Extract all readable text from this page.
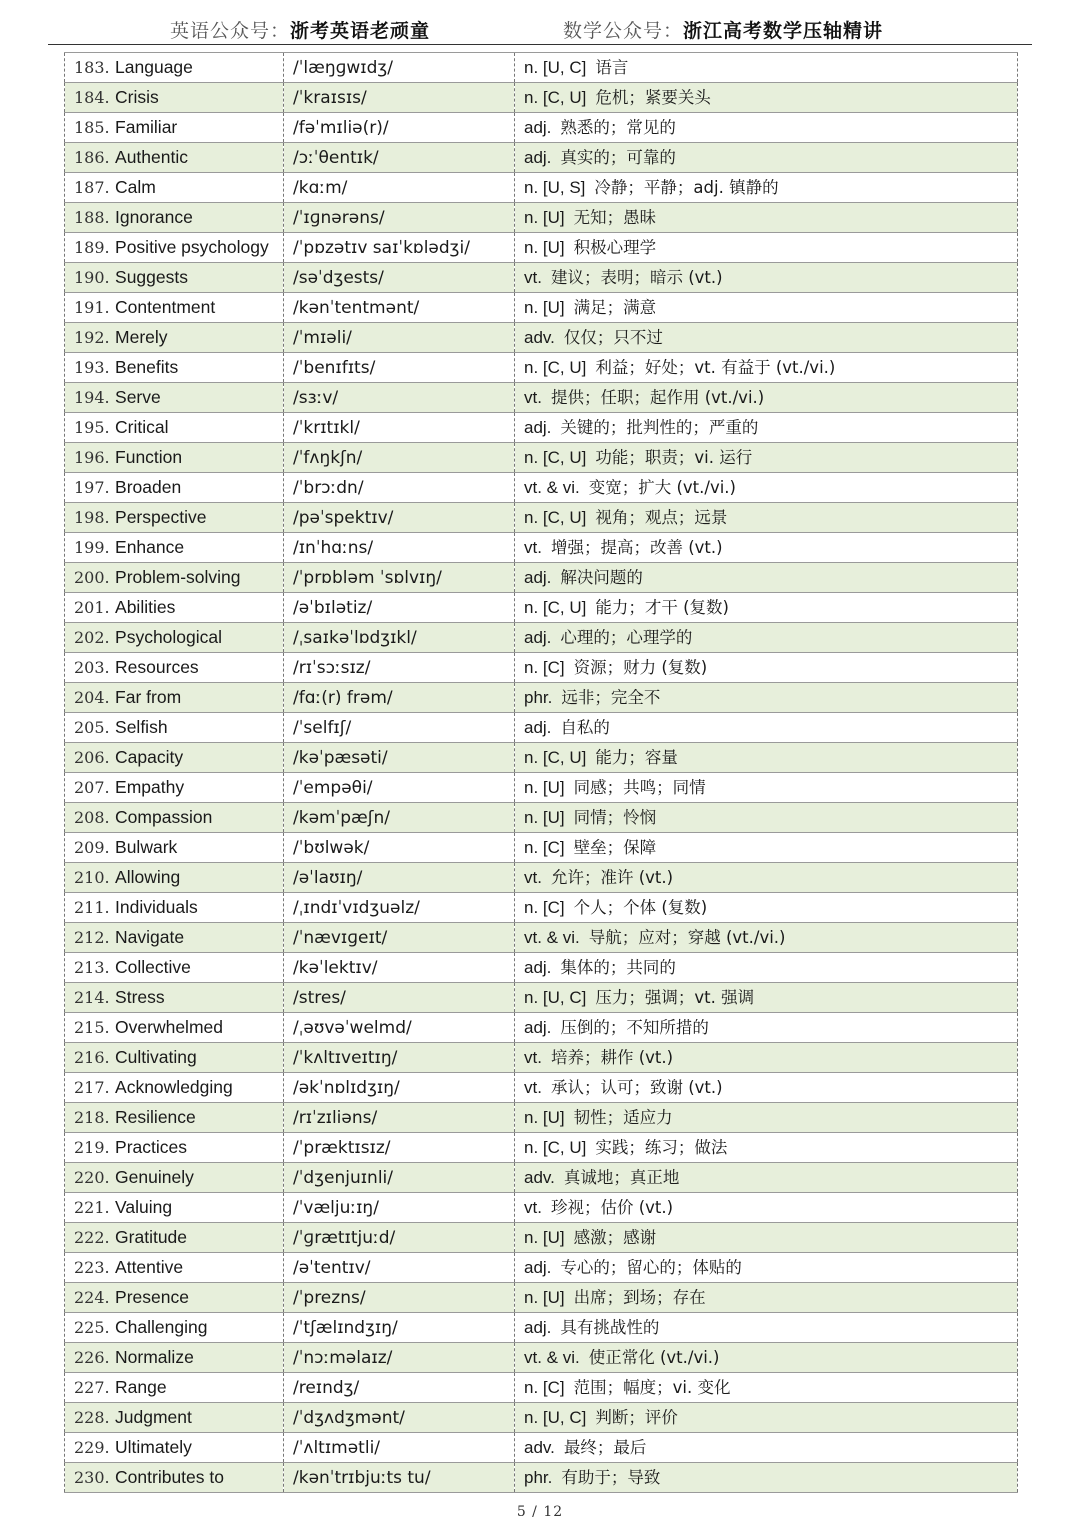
英语公众号：浙考英语老顽童	数学公众号：浙江高考数学压轴精讲
183. Language	/ˈlæŋɡwɪdʒ/	n. [U, C] 语言
184. Crisis	/ˈkraɪsɪs/	n. [C, U] 危机；紧要关头
185. Familiar	/fəˈmɪliə(r)/	adj. 熟悉的；常见的
186. Authentic	/ɔːˈθentɪk/	adj. 真实的；可靠的
187. Calm	/kɑːm/	n. [U, S] 冷静；平静；adj. 镇静的
188. Ignorance	/ˈɪɡnərəns/	n. [U] 无知；愚昧
189. Positive psychology	/ˈpɒzətɪv saɪˈkɒlədʒi/	n. [U] 积极心理学
190. Suggests	/səˈdʒests/	vt. 建议；表明；暗示 (vt.)
191. Contentment	/kənˈtentmənt/	n. [U] 满足；满意
192. Merely	/ˈmɪəli/	adv. 仅仅；只不过
193. Benefits	/ˈbenɪfɪts/	n. [C, U] 利益；好处；vt. 有益于 (vt./vi.)
194. Serve	/sɜːv/	vt. 提供；任职；起作用 (vt./vi.)
195. Critical	/ˈkrɪtɪkl/	adj. 关键的；批判性的；严重的
196. Function	/ˈfʌŋkʃn/	n. [C, U] 功能；职责；vi. 运行
197. Broaden	/ˈbrɔːdn/	vt. & vi. 变宽；扩大 (vt./vi.)
198. Perspective	/pəˈspektɪv/	n. [C, U] 视角；观点；远景
199. Enhance	/ɪnˈhɑːns/	vt. 增强；提高；改善 (vt.)
200. Problem-solving	/ˈprɒbləm ˈsɒlvɪŋ/	adj. 解决问题的
201. Abilities	/əˈbɪlətiz/	n. [C, U] 能力；才干 (复数)
202. Psychological	/ˌsaɪkəˈlɒdʒɪkl/	adj. 心理的；心理学的
203. Resources	/rɪˈsɔːsɪz/	n. [C] 资源；财力 (复数)
204. Far from	/fɑː(r) frəm/	phr. 远非；完全不
205. Selfish	/ˈselfɪʃ/	adj. 自私的
206. Capacity	/kəˈpæsəti/	n. [C, U] 能力；容量
207. Empathy	/ˈempəθi/	n. [U] 同感；共鸣；同情
208. Compassion	/kəmˈpæʃn/	n. [U] 同情；怜悯
209. Bulwark	/ˈbʊlwək/	n. [C] 壁垒；保障
210. Allowing	/əˈlaʊɪŋ/	vt. 允许；准许 (vt.)
211. Individuals	/ˌɪndɪˈvɪdʒuəlz/	n. [C] 个人；个体 (复数)
212. Navigate	/ˈnævɪɡeɪt/	vt. & vi. 导航；应对；穿越 (vt./vi.)
213. Collective	/kəˈlektɪv/	adj. 集体的；共同的
214. Stress	/stres/	n. [U, C] 压力；强调；vt. 强调
215. Overwhelmed	/ˌəʊvəˈwelmd/	adj. 压倒的；不知所措的
216. Cultivating	/ˈkʌltɪveɪtɪŋ/	vt. 培养；耕作 (vt.)
217. Acknowledging	/əkˈnɒlɪdʒɪŋ/	vt. 承认；认可；致谢 (vt.)
218. Resilience	/rɪˈzɪliəns/	n. [U] 韧性；适应力
219. Practices	/ˈpræktɪsɪz/	n. [C, U] 实践；练习；做法
220. Genuinely	/ˈdʒenjuɪnli/	adv. 真诚地；真正地
221. Valuing	/ˈvæljuːɪŋ/	vt. 珍视；估价 (vt.)
222. Gratitude	/ˈɡrætɪtjuːd/	n. [U] 感激；感谢
223. Attentive	/əˈtentɪv/	adj. 专心的；留心的；体贴的
224. Presence	/ˈprezns/	n. [U] 出席；到场；存在
225. Challenging	/ˈtʃælɪndʒɪŋ/	adj. 具有挑战性的
226. Normalize	/ˈnɔːməlaɪz/	vt. & vi. 使正常化 (vt./vi.)
227. Range	/reɪndʒ/	n. [C] 范围；幅度；vi. 变化
228. Judgment	/ˈdʒʌdʒmənt/	n. [U, C] 判断；评价
229. Ultimately	/ˈʌltɪmətli/	adv. 最终；最后
230. Contributes to	/kənˈtrɪbjuːts tu/	phr. 有助于；导致
5 / 12
